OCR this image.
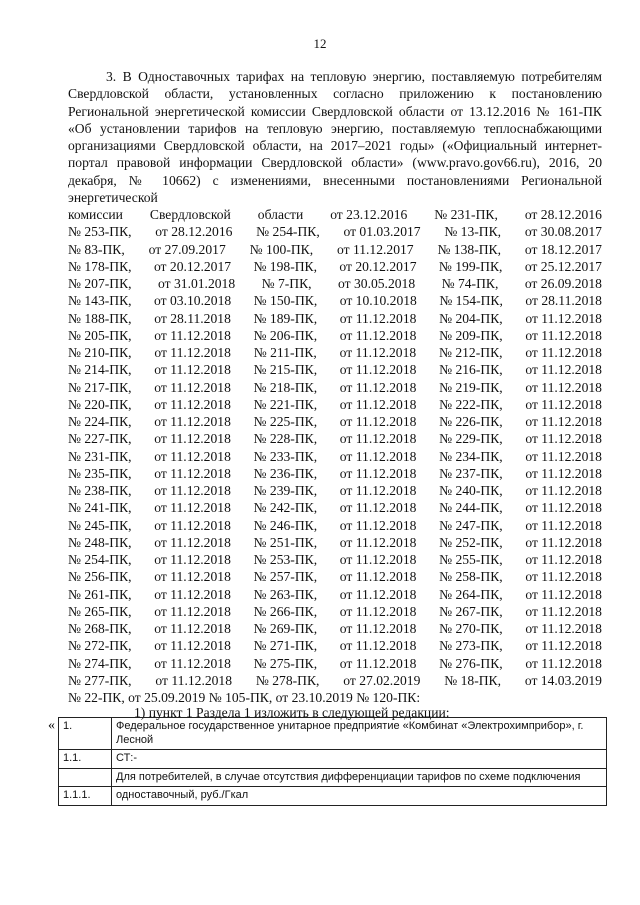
12

3. В Одноставочных тарифах на тепловую энергию, поставляемую потребителям Свердловской области, установленных согласно приложению к постановлению Региональной энергетической комиссии Свердловской области от 13.12.2016 № 161-ПК «Об установлении тарифов на тепловую энергию, поставляемую теплоснабжающими организациями Свердловской области, на 2017–2021 годы» («Официальный интернет-портал правовой информации Свердловской области» (www.pravo.gov66.ru), 2016, 20 декабря, № 10662) с изменениями, внесенными постановлениями Региональной энергетической

комиссии Свердловской области от 23.12.2016 № 231-ПК, от 28.12.2016
№ 253-ПК, от 28.12.2016 № 254-ПК, от 01.03.2017 № 13-ПК, от 30.08.2017
№ 83-ПК, от 27.09.2017 № 100-ПК, от 11.12.2017 № 138-ПК, от 18.12.2017
№ 178-ПК, от 20.12.2017 № 198-ПК, от 20.12.2017 № 199-ПК, от 25.12.2017
№ 207-ПК, от 31.01.2018 № 7-ПК, от 30.05.2018 № 74-ПК, от 26.09.2018
№ 143-ПК, от 03.10.2018 № 150-ПК, от 10.10.2018 № 154-ПК, от 28.11.2018
№ 188-ПК, от 28.11.2018 № 189-ПК, от 11.12.2018 № 204-ПК, от 11.12.2018
№ 205-ПК, от 11.12.2018 № 206-ПК, от 11.12.2018 № 209-ПК, от 11.12.2018
№ 210-ПК, от 11.12.2018 № 211-ПК, от 11.12.2018 № 212-ПК, от 11.12.2018
№ 214-ПК, от 11.12.2018 № 215-ПК, от 11.12.2018 № 216-ПК, от 11.12.2018
№ 217-ПК, от 11.12.2018 № 218-ПК, от 11.12.2018 № 219-ПК, от 11.12.2018
№ 220-ПК, от 11.12.2018 № 221-ПК, от 11.12.2018 № 222-ПК, от 11.12.2018
№ 224-ПК, от 11.12.2018 № 225-ПК, от 11.12.2018 № 226-ПК, от 11.12.2018
№ 227-ПК, от 11.12.2018 № 228-ПК, от 11.12.2018 № 229-ПК, от 11.12.2018
№ 231-ПК, от 11.12.2018 № 233-ПК, от 11.12.2018 № 234-ПК, от 11.12.2018
№ 235-ПК, от 11.12.2018 № 236-ПК, от 11.12.2018 № 237-ПК, от 11.12.2018
№ 238-ПК, от 11.12.2018 № 239-ПК, от 11.12.2018 № 240-ПК, от 11.12.2018
№ 241-ПК, от 11.12.2018 № 242-ПК, от 11.12.2018 № 244-ПК, от 11.12.2018
№ 245-ПК, от 11.12.2018 № 246-ПК, от 11.12.2018 № 247-ПК, от 11.12.2018
№ 248-ПК, от 11.12.2018 № 251-ПК, от 11.12.2018 № 252-ПК, от 11.12.2018
№ 254-ПК, от 11.12.2018 № 253-ПК, от 11.12.2018 № 255-ПК, от 11.12.2018
№ 256-ПК, от 11.12.2018 № 257-ПК, от 11.12.2018 № 258-ПК, от 11.12.2018
№ 261-ПК, от 11.12.2018 № 263-ПК, от 11.12.2018 № 264-ПК, от 11.12.2018
№ 265-ПК, от 11.12.2018 № 266-ПК, от 11.12.2018 № 267-ПК, от 11.12.2018
№ 268-ПК, от 11.12.2018 № 269-ПК, от 11.12.2018 № 270-ПК, от 11.12.2018
№ 272-ПК, от 11.12.2018 № 271-ПК, от 11.12.2018 № 273-ПК, от 11.12.2018
№ 274-ПК, от 11.12.2018 № 275-ПК, от 11.12.2018 № 276-ПК, от 11.12.2018
№ 277-ПК, от 11.12.2018 № 278-ПК, от 27.02.2019 № 18-ПК, от 14.03.2019
№ 22-ПК, от 25.09.2019 № 105-ПК, от 23.10.2019 № 120-ПК:
1) пункт 1 Раздела 1 изложить в следующей редакции:
« 1.	Федеральное государственное унитарное предприятие «Комбинат «Электрохимприбор», г. Лесной
1.1.	СТ:-
	Для потребителей, в случае отсутствия дифференциации тарифов по схеме подключения
1.1.1.	одноставочный, руб./Гкал
